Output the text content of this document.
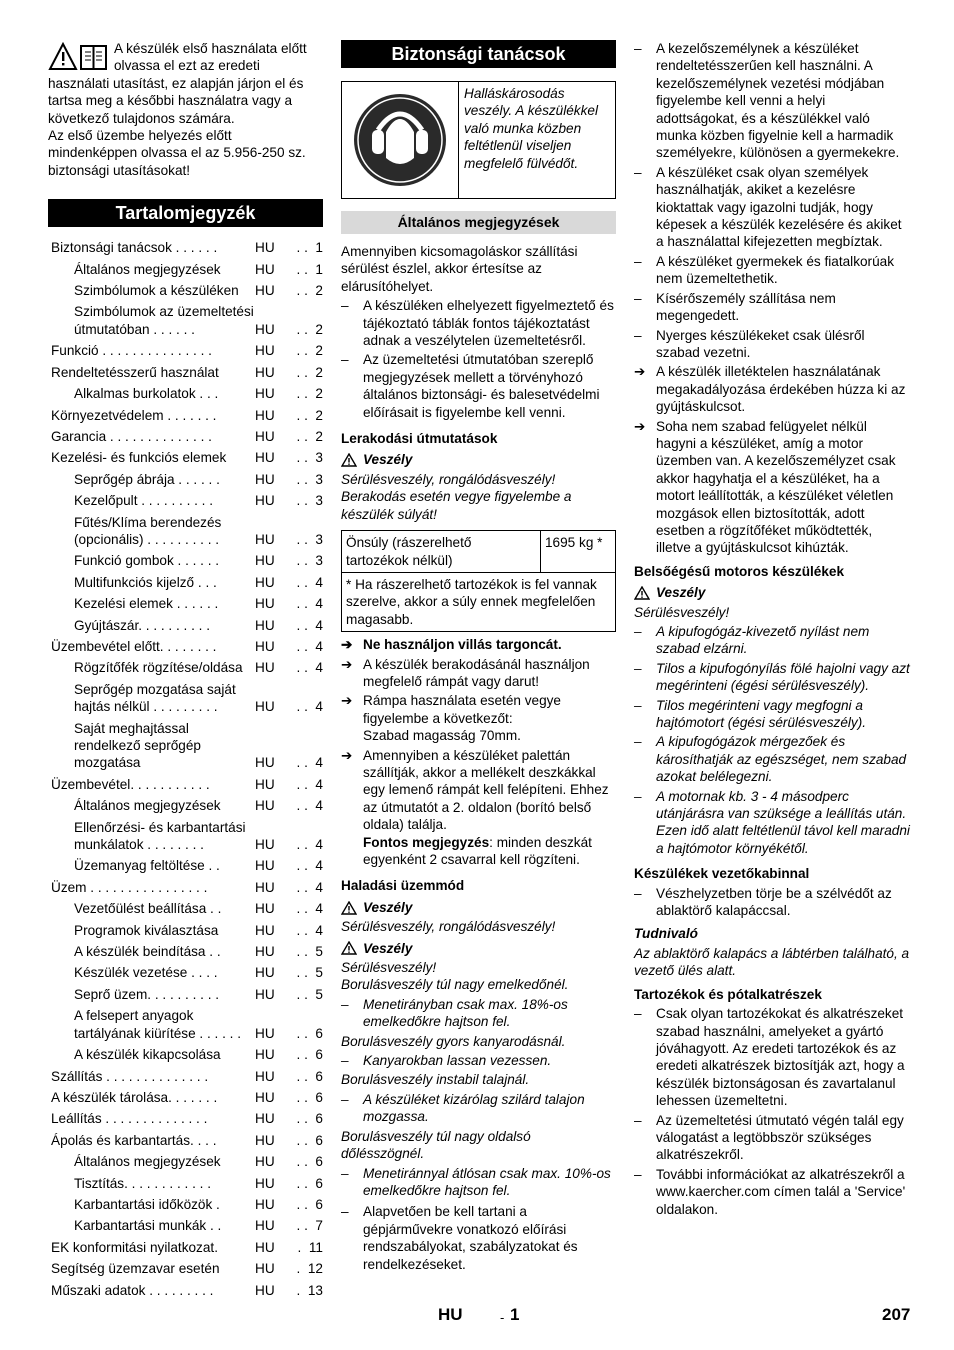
A készülék első használata előtt olvassa el ezt az eredeti használati utasítást, ez alapján járjon el és tartsa meg a későbbi használatra vagy a következő tulajdonos számára.

Az első üzembe helyezés előtt mindenképpen olvassa el az 5.956-250 sz. biztonsági utasításokat!

Tartalomjegyzék
Biztonsági tanácsok . . . . . .	HU	. .  1
Általános megjegyzések	HU	. .  1
Szimbólumok a készüléken	HU	. .  2
Szimbólumok az üzemeltetési útmutatóban . . . . . .	HU	. .  2
Funkció . . . . . . . . . . . . . . .	HU	. .  2
Rendeltetésszerű használat	HU	. .  2
Alkalmas burkolatok . . .	HU	. .  2
Környezetvédelem . . . . . . .	HU	. .  2
Garancia . . . . . . . . . . . . . .	HU	. .  2
Kezelési- és funkciós elemek	HU	. .  3
Seprőgép ábrája . . . . . .	HU	. .  3
Kezelőpult . . . . . . . . . .	HU	. .  3
Fűtés/Klíma berendezés (opcionális) . . . . . . . . . .	HU	. .  3
Funkció gombok . . . . . .	HU	. .  3
Multifunkciós kijelző . . .	HU	. .  4
Kezelési elemek . . . . . .	HU	. .  4
Gyújtászár. . . . . . . . . .	HU	. .  4
Üzembevétel előtt. . . . . . . .	HU	. .  4
Rögzítőfék rögzítése/oldása HU	. .  4
Seprőgép mozgatása saját hajtás nélkül . . . . . . . . .	HU	. .  4
Saját meghajtással rendelkező seprőgép mozgatása	HU	. .  4
Üzembevétel. . . . . . . . . . .	HU	. .  4
Általános megjegyzések	HU	. .  4
Ellenőrzési- és karbantartási munkálatok . . . . . . . .	HU	. .  4
Üzemanyag feltöltése . .	HU	. .  4
Üzem . . . . . . . . . . . . . . . .	HU	. .  4
Vezetőülést beállítása . .	HU	. .  4
Programok kiválasztása	HU	. .  4
A készülék beindítása . .	HU	. .  5
Készülék vezetése . . . .	HU	. .  5
Seprő üzem. . . . . . . . . .	HU	. .  5
A felsepert anyagok tartályának kiürítése . . . . . .	HU	. .  6
A készülék kikapcsolása	HU	. .  6
Szállítás . . . . . . . . . . . . . .	HU	. .  6
A készülék tárolása. . . . . . .	HU	. .  6
Leállítás . . . . . . . . . . . . . .	HU	. .  6
Ápolás és karbantartás. . . .	HU	. .  6
Általános megjegyzések	HU	. .  6
Tisztítás. . . . . . . . . . . .	HU	. .  6
Karbantartási időközök .	HU	. .  6
Karbantartási munkák . .	HU	. .  7
EK konformitási nyilatkozat.	HU	.  11
Segítség üzemzavar esetén	HU	.  12
Műszaki adatok . . . . . . . . .	HU	.  13
Biztonsági tanácsok
Halláskárosodás veszély. A készülékkel való munka közben feltétlenül viseljen megfelelő fülvédőt.
Általános megjegyzések

Amennyiben kicsomagoláskor szállítási sérülést észlel, akkor értesítse az elárusítóhelyet.

–	A készüléken elhelyezett figyelmeztető és tájékoztató táblák fontos tájékoztatást adnak a veszélytelen üzemeltetésről.
–	Az üzemeltetési útmutatóban szereplő megjegyzések mellett a törvényhozó általános biztonsági- és balesetvédelmi előírásait is figyelembe kell venni.
Lerakodási útmutatások
Veszély

Sérülésveszély, rongálódásveszély! Berakodás esetén vegye figyelembe a készülék súlyát!

Önsúly (rászerelhető tartozékok nélkül)
1695 kg *
* Ha rászerelhető tartozékok is fel vannak szerelve, akkor a súly ennek megfelelően magasabb.
➔ Ne használjon villás targoncát.
➔ A készülék berakodásánál használjon megfelelő rámpát vagy darut!
➔ Rámpa használata esetén vegye figyelembe a következőt:
Szabad magasság 70mm.
➔ Amennyiben a készüléket palettán szállítják, akkor a mellékelt deszkákkal egy lemenő rámpát kell felépíteni. Ehhez az útmutatót a 2. oldalon (borító belső oldala) találja.
Fontos megjegyzés: minden deszkát egyenként 2 csavarral kell rögzíteni.
Haladási üzemmód
Veszély

Sérülésveszély, rongálódásveszély!

Veszély

Sérülésveszély!

Borulásveszély túl nagy emelkedőnél.

–	Menetirányban csak max. 18%-os emelkedőkre hajtson fel.

Borulásveszély gyors kanyarodásnál.

–	Kanyarokban lassan vezessen.

Borulásveszély instabil talajnál.

–	A készüléket kizárólag szilárd talajon mozgassa.

Borulásveszély túl nagy oldalsó dőlésszögnél.

–	Menetiránnyal átlósan csak max. 10%-os emelkedőkre hajtson fel.
–	Alapvetően be kell tartani a gépjárművekre vonatkozó előírási rendszabályokat, szabályzatokat és rendelkezéseket.
–	A kezelőszemélynek a készüléket rendeltetésszerűen kell használni. A kezelőszemélynek vezetési módjában figyelembe kell venni a helyi adottságokat, és a készülékkel való munka közben figyelnie kell a harmadik személyekre, különösen a gyermekekre.
–	A készüléket csak olyan személyek használhatják, akiket a kezelésre kioktattak vagy igazolni tudják, hogy képesek a készülék kezelésére és akiket a használattal kifejezetten megbíztak.
–	A készüléket gyermekek és fiatalkorúak nem üzemeltethetik.
–	Kísérőszemély szállítása nem megengedett.
–	Nyerges készülékeket csak ülésről szabad vezetni.
➔ A készülék illetéktelen használatának megakadályozása érdekében húzza ki az gyújtáskulcsot.
➔ Soha nem szabad felügyelet nélkül hagyni a készüléket, amíg a motor üzemben van. A kezelőszemélyzet csak akkor hagyhatja el a készüléket, ha a motort leállították, a készüléket véletlen mozgások ellen biztosították, adott esetben a rögzítőféket működtették, illetve a gyújtáskulcsot kihúzták.
Belsőégésű motoros készülékek
Veszély

Sérülésveszély!

–	A kipufogógáz-kivezető nyílást nem szabad elzárni.
–	Tilos a kipufogónyílás fölé hajolni vagy azt megérinteni (égési sérülésveszély).
–	Tilos megérinteni vagy megfogni a hajtómotort (égési sérülésveszély).
–	A kipufogógázok mérgezőek és károsíthatják az egészséget, nem szabad azokat belélegezni.
–	A motornak kb. 3 - 4 másodperc utánjárásra van szüksége a leállítás után. Ezen idő alatt feltétlenül távol kell maradni a hajtómotor környékétől.
Készülékek vezetőkabinnal
–	Vészhelyzetben törje be a szélvédőt az ablaktörő kalapáccsal.
Tudnivaló

Az ablaktörő kalapács a lábtérben található, a vezető ülés alatt.

Tartozékok és pótalkatrészek
–	Csak olyan tartozékokat és alkatrészeket szabad használni, amelyeket a gyártó jóváhagyott. Az eredeti tartozékok és az eredeti alkatrészek biztosítják azt, hogy a készülék biztonságosan és zavartalanul lehessen üzemeltetni.
–	Az üzemeltetési útmutató végén talál egy válogatást a legtöbbször szükséges alkatrészekről.
–	További információkat az alkatrészekről a www.kaercher.com címen talál a 'Service' oldalakon.
HU	- 1	207
